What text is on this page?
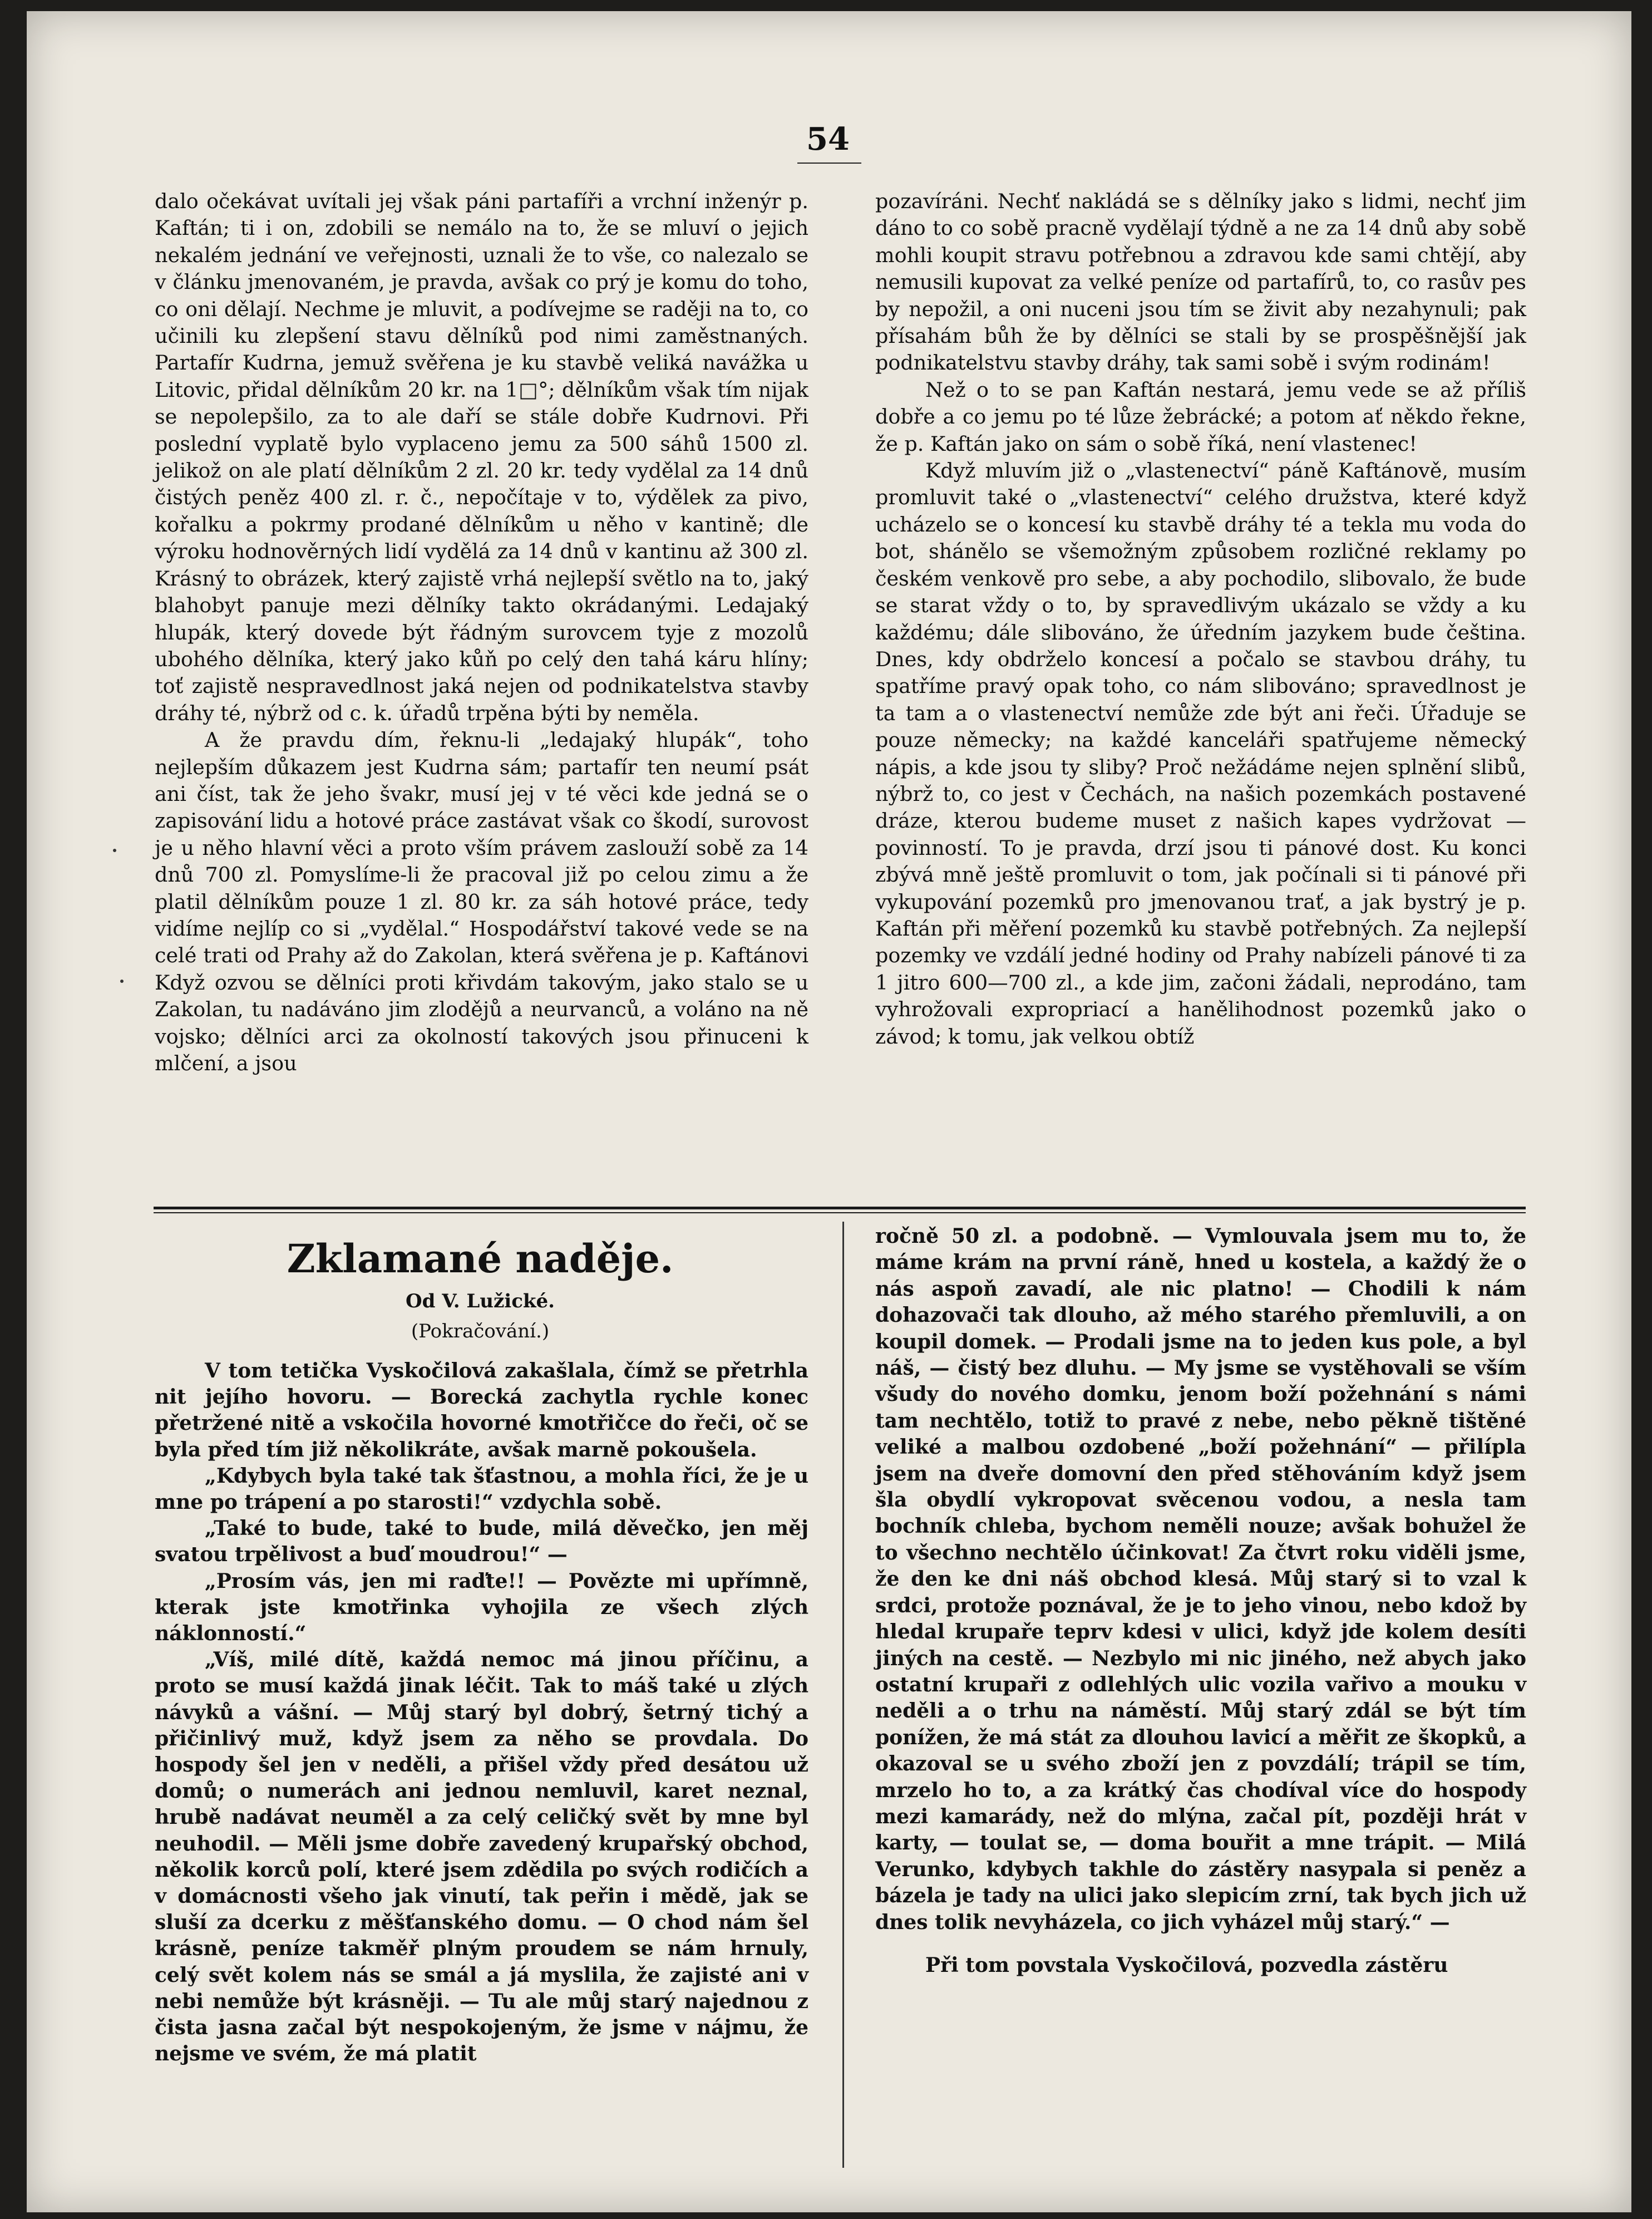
54

dalo očekávat uvítali jej však páni partafíři a vrchní inženýr p. Kaftán; ti i on, zdobili se nemálo na to, že se mluví o jejich nekalém jednání ve veřejnosti, uznali že to vše, co nalezalo se v článku jmenovaném, je pravda, avšak co prý je komu do toho, co oni dělají. Nechme je mluvit, a podívejme se raději na to, co učinili ku zlepšení stavu dělníků pod nimi zaměstnaných. Partafír Kudrna, jemuž svěřena je ku stavbě veliká navážka u Litovic, přidal dělníkům 20 kr. na 1□°; dělníkům však tím nijak se nepolepšilo, za to ale daří se stále dobře Kudrnovi. Při poslední vyplatě bylo vyplaceno jemu za 500 sáhů 1500 zl. jelikož on ale platí dělníkům 2 zl. 20 kr. tedy vydělal za 14 dnů čistých peněz 400 zl. r. č., nepočítaje v to, výdělek za pivo, kořalku a pokrmy prodané dělníkům u něho v kantině; dle výroku hodnověrných lidí vydělá za 14 dnů v kantinu až 300 zl. Krásný to obrázek, který zajistě vrhá nejlepší světlo na to, jaký blahobyt panuje mezi dělníky takto okrádanými. Ledajaký hlupák, který dovede být řádným surovcem tyje z mozolů ubohého dělníka, který jako kůň po celý den tahá káru hlíny; toť zajistě nespravedlnost jaká nejen od podnikatelstva stavby dráhy té, nýbrž od c. k. úřadů trpěna býti by neměla.

A že pravdu dím, řeknu-li „ledajaký hlupák“, toho nejlepším důkazem jest Kudrna sám; partafír ten neumí psát ani číst, tak že jeho švakr, musí jej v té věci kde jedná se o zapisování lidu a hotové práce zastávat však co škodí, surovost je u něho hlavní věci a proto vším právem zaslouží sobě za 14 dnů 700 zl. Pomyslíme-li že pracoval již po celou zimu a že platil dělníkům pouze 1 zl. 80 kr. za sáh hotové práce, tedy vidíme nejlíp co si „vydělal.“ Hospodářství takové vede se na celé trati od Prahy až do Zakolan, která svěřena je p. Kaftánovi Když ozvou se dělníci proti křivdám takovým, jako stalo se u Zakolan, tu nadáváno jim zlodějů a neurvanců, a voláno na ně vojsko; dělníci arci za okolností takových jsou přinuceni k mlčení, a jsou

pozavíráni. Nechť nakládá se s dělníky jako s lidmi, nechť jim dáno to co sobě pracně vydělají týdně a ne za 14 dnů aby sobě mohli koupit stravu potřebnou a zdravou kde sami chtějí, aby nemusili kupovat za velké peníze od partafírů, to, co rasův pes by nepožil, a oni nuceni jsou tím se živit aby nezahynuli; pak přísahám bůh že by dělníci se stali by se prospěšnější jak podnikatelstvu stavby dráhy, tak sami sobě i svým rodinám!

Než o to se pan Kaftán nestará, jemu vede se až příliš dobře a co jemu po té lůze žebrácké; a potom ať někdo řekne, že p. Kaftán jako on sám o sobě říká, není vlastenec!

Když mluvím již o „vlastenectví“ páně Kaftánově, musím promluvit také o „vlastenectví“ celého družstva, které když ucházelo se o koncesí ku stavbě dráhy té a tekla mu voda do bot, shánělo se všemožným způsobem rozličné reklamy po českém venkově pro sebe, a aby pochodilo, slibovalo, že bude se starat vždy o to, by spravedlivým ukázalo se vždy a ku každému; dále slibováno, že úředním jazykem bude čeština. Dnes, kdy obdrželo koncesí a počalo se stavbou dráhy, tu spatříme pravý opak toho, co nám slibováno; spravedlnost je ta tam a o vlastenectví nemůže zde být ani řeči. Úřaduje se pouze německy; na každé kanceláři spatřujeme německý nápis, a kde jsou ty sliby? Proč nežádáme nejen splnění slibů, nýbrž to, co jest v Čechách, na našich pozemkách postavené dráze, kterou budeme muset z našich kapes vydržovat — povinností. To je pravda, drzí jsou ti pánové dost. Ku konci zbývá mně ještě promluvit o tom, jak počínali si ti pánové při vykupování pozemků pro jmenovanou trať, a jak bystrý je p. Kaftán při měření pozemků ku stavbě potřebných. Za nejlepší pozemky ve vzdálí jedné hodiny od Prahy nabízeli pánové ti za 1 jitro 600—700 zl., a kde jim, začoni žádali, neprodáno, tam vyhrožovali expropriací a hanělihodnost pozemků jako o závod; k tomu, jak velkou obtíž

Zklamané naděje.
Od V. Lužické.
(Pokračování.)

V tom tetička Vyskočilová zakašlala, čímž se přetrhla nit jejího hovoru. — Borecká zachytla rychle konec přetržené nitě a vskočila hovorné kmotřičce do řeči, oč se byla před tím již několikráte, avšak marně pokoušela.

„Kdybych byla také tak šťastnou, a mohla říci, že je u mne po trápení a po starosti!“ vzdychla sobě.

„Také to bude, také to bude, milá děvečko, jen měj svatou trpělivost a buď moudrou!“ —

„Prosím vás, jen mi raďte!! — Povězte mi upřímně, kterak jste kmotřinka vyhojila ze všech zlých náklonností.“

„Víš, milé dítě, každá nemoc má jinou příčinu, a proto se musí každá jinak léčit. Tak to máš také u zlých návyků a vášní. — Můj starý byl dobrý, šetrný tichý a přičinlivý muž, když jsem za něho se provdala. Do hospody šel jen v neděli, a přišel vždy před desátou už domů; o numerách ani jednou nemluvil, karet neznal, hrubě nadávat neuměl a za celý celičký svět by mne byl neuhodil. — Měli jsme dobře zavedený krupařský obchod, několik korců polí, které jsem zdědila po svých rodičích a v domácnosti všeho jak vinutí, tak peřin i mědě, jak se sluší za dcerku z měšťanského domu. — O chod nám šel krásně, peníze takměř plným proudem se nám hrnuly, celý svět kolem nás se smál a já myslila, že zajisté ani v nebi nemůže být krásněji. — Tu ale můj starý najednou z čista jasna začal být nespokojeným, že jsme v nájmu, že nejsme ve svém, že má platit

ročně 50 zl. a podobně. — Vymlouvala jsem mu to, že máme krám na první ráně, hned u kostela, a každý že o nás aspoň zavadí, ale nic platno! — Chodili k nám dohazovači tak dlouho, až mého starého přemluvili, a on koupil domek. — Prodali jsme na to jeden kus pole, a byl náš, — čistý bez dluhu. — My jsme se vystěhovali se vším všudy do nového domku, jenom boží požehnání s námi tam nechtělo, totiž to pravé z nebe, nebo pěkně tištěné veliké a malbou ozdobené „boží požehnání“ — přilípla jsem na dveře domovní den před stěhováním když jsem šla obydlí vykropovat svěcenou vodou, a nesla tam bochník chleba, bychom neměli nouze; avšak bohužel že to všechno nechtělo účinkovat! Za čtvrt roku viděli jsme, že den ke dni náš obchod klesá. Můj starý si to vzal k srdci, protože poznával, že je to jeho vinou, nebo kdož by hledal krupaře teprv kdesi v ulici, když jde kolem desíti jiných na cestě. — Nezbylo mi nic jiného, než abych jako ostatní krupaři z odlehlých ulic vozila vařivo a mouku v neděli a o trhu na náměstí. Můj starý zdál se být tím ponížen, že má stát za dlouhou lavicí a měřit ze škopků, a okazoval se u svého zboží jen z povzdálí; trápil se tím, mrzelo ho to, a za krátký čas chodíval více do hospody mezi kamarády, než do mlýna, začal pít, později hrát v karty, — toulat se, — doma bouřit a mne trápit. — Milá Verunko, kdybych takhle do zástěry nasypala si peněz a bázela je tady na ulici jako slepicím zrní, tak bych jich už dnes tolik nevyházela, co jich vyházel můj starý.“ —

Při tom povstala Vyskočilová, pozvedla zástěru
